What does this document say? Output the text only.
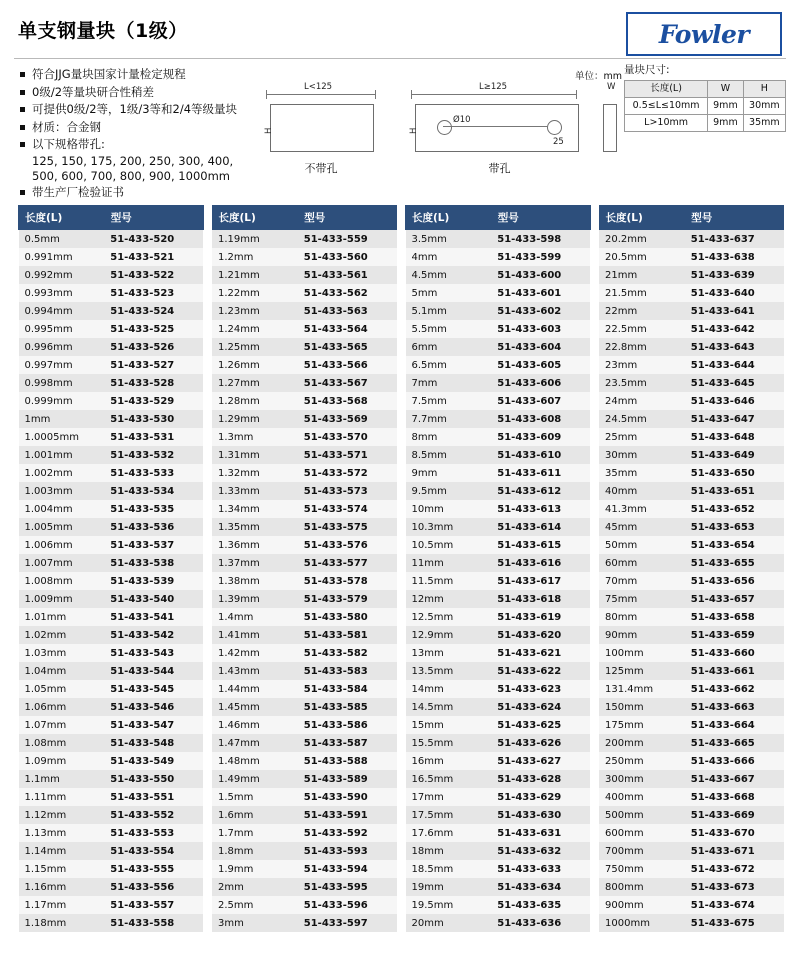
单支钢量块（1级）	Fowler
符合JJG量块国家计量检定规程
0级/2等量块研合性稍差
可提供0级/2等，1级/3等和2/4等级量块
材质：合金钢
以下规格带孔:
125, 150, 175, 200, 250, 300, 400,
500, 600, 700, 800, 900, 1000mm
带生产厂检验证书
单位：mm
L<125
H
不带孔
L≥125
Ø10
25
H
带孔
W
量块尺寸:
长度(L)	W	H
0.5≤L≤10mm	9mm	30mm
L>10mm	9mm	35mm
长度(L)	型号
0.5mm	51-433-520
0.991mm	51-433-521
0.992mm	51-433-522
0.993mm	51-433-523
0.994mm	51-433-524
0.995mm	51-433-525
0.996mm	51-433-526
0.997mm	51-433-527
0.998mm	51-433-528
0.999mm	51-433-529
1mm	51-433-530
1.0005mm	51-433-531
1.001mm	51-433-532
1.002mm	51-433-533
1.003mm	51-433-534
1.004mm	51-433-535
1.005mm	51-433-536
1.006mm	51-433-537
1.007mm	51-433-538
1.008mm	51-433-539
1.009mm	51-433-540
1.01mm	51-433-541
1.02mm	51-433-542
1.03mm	51-433-543
1.04mm	51-433-544
1.05mm	51-433-545
1.06mm	51-433-546
1.07mm	51-433-547
1.08mm	51-433-548
1.09mm	51-433-549
1.1mm	51-433-550
1.11mm	51-433-551
1.12mm	51-433-552
1.13mm	51-433-553
1.14mm	51-433-554
1.15mm	51-433-555
1.16mm	51-433-556
1.17mm	51-433-557
1.18mm	51-433-558
长度(L)	型号
1.19mm	51-433-559
1.2mm	51-433-560
1.21mm	51-433-561
1.22mm	51-433-562
1.23mm	51-433-563
1.24mm	51-433-564
1.25mm	51-433-565
1.26mm	51-433-566
1.27mm	51-433-567
1.28mm	51-433-568
1.29mm	51-433-569
1.3mm	51-433-570
1.31mm	51-433-571
1.32mm	51-433-572
1.33mm	51-433-573
1.34mm	51-433-574
1.35mm	51-433-575
1.36mm	51-433-576
1.37mm	51-433-577
1.38mm	51-433-578
1.39mm	51-433-579
1.4mm	51-433-580
1.41mm	51-433-581
1.42mm	51-433-582
1.43mm	51-433-583
1.44mm	51-433-584
1.45mm	51-433-585
1.46mm	51-433-586
1.47mm	51-433-587
1.48mm	51-433-588
1.49mm	51-433-589
1.5mm	51-433-590
1.6mm	51-433-591
1.7mm	51-433-592
1.8mm	51-433-593
1.9mm	51-433-594
2mm	51-433-595
2.5mm	51-433-596
3mm	51-433-597
长度(L)	型号
3.5mm	51-433-598
4mm	51-433-599
4.5mm	51-433-600
5mm	51-433-601
5.1mm	51-433-602
5.5mm	51-433-603
6mm	51-433-604
6.5mm	51-433-605
7mm	51-433-606
7.5mm	51-433-607
7.7mm	51-433-608
8mm	51-433-609
8.5mm	51-433-610
9mm	51-433-611
9.5mm	51-433-612
10mm	51-433-613
10.3mm	51-433-614
10.5mm	51-433-615
11mm	51-433-616
11.5mm	51-433-617
12mm	51-433-618
12.5mm	51-433-619
12.9mm	51-433-620
13mm	51-433-621
13.5mm	51-433-622
14mm	51-433-623
14.5mm	51-433-624
15mm	51-433-625
15.5mm	51-433-626
16mm	51-433-627
16.5mm	51-433-628
17mm	51-433-629
17.5mm	51-433-630
17.6mm	51-433-631
18mm	51-433-632
18.5mm	51-433-633
19mm	51-433-634
19.5mm	51-433-635
20mm	51-433-636
长度(L)	型号
20.2mm	51-433-637
20.5mm	51-433-638
21mm	51-433-639
21.5mm	51-433-640
22mm	51-433-641
22.5mm	51-433-642
22.8mm	51-433-643
23mm	51-433-644
23.5mm	51-433-645
24mm	51-433-646
24.5mm	51-433-647
25mm	51-433-648
30mm	51-433-649
35mm	51-433-650
40mm	51-433-651
41.3mm	51-433-652
45mm	51-433-653
50mm	51-433-654
60mm	51-433-655
70mm	51-433-656
75mm	51-433-657
80mm	51-433-658
90mm	51-433-659
100mm	51-433-660
125mm	51-433-661
131.4mm	51-433-662
150mm	51-433-663
175mm	51-433-664
200mm	51-433-665
250mm	51-433-666
300mm	51-433-667
400mm	51-433-668
500mm	51-433-669
600mm	51-433-670
700mm	51-433-671
750mm	51-433-672
800mm	51-433-673
900mm	51-433-674
1000mm	51-433-675
